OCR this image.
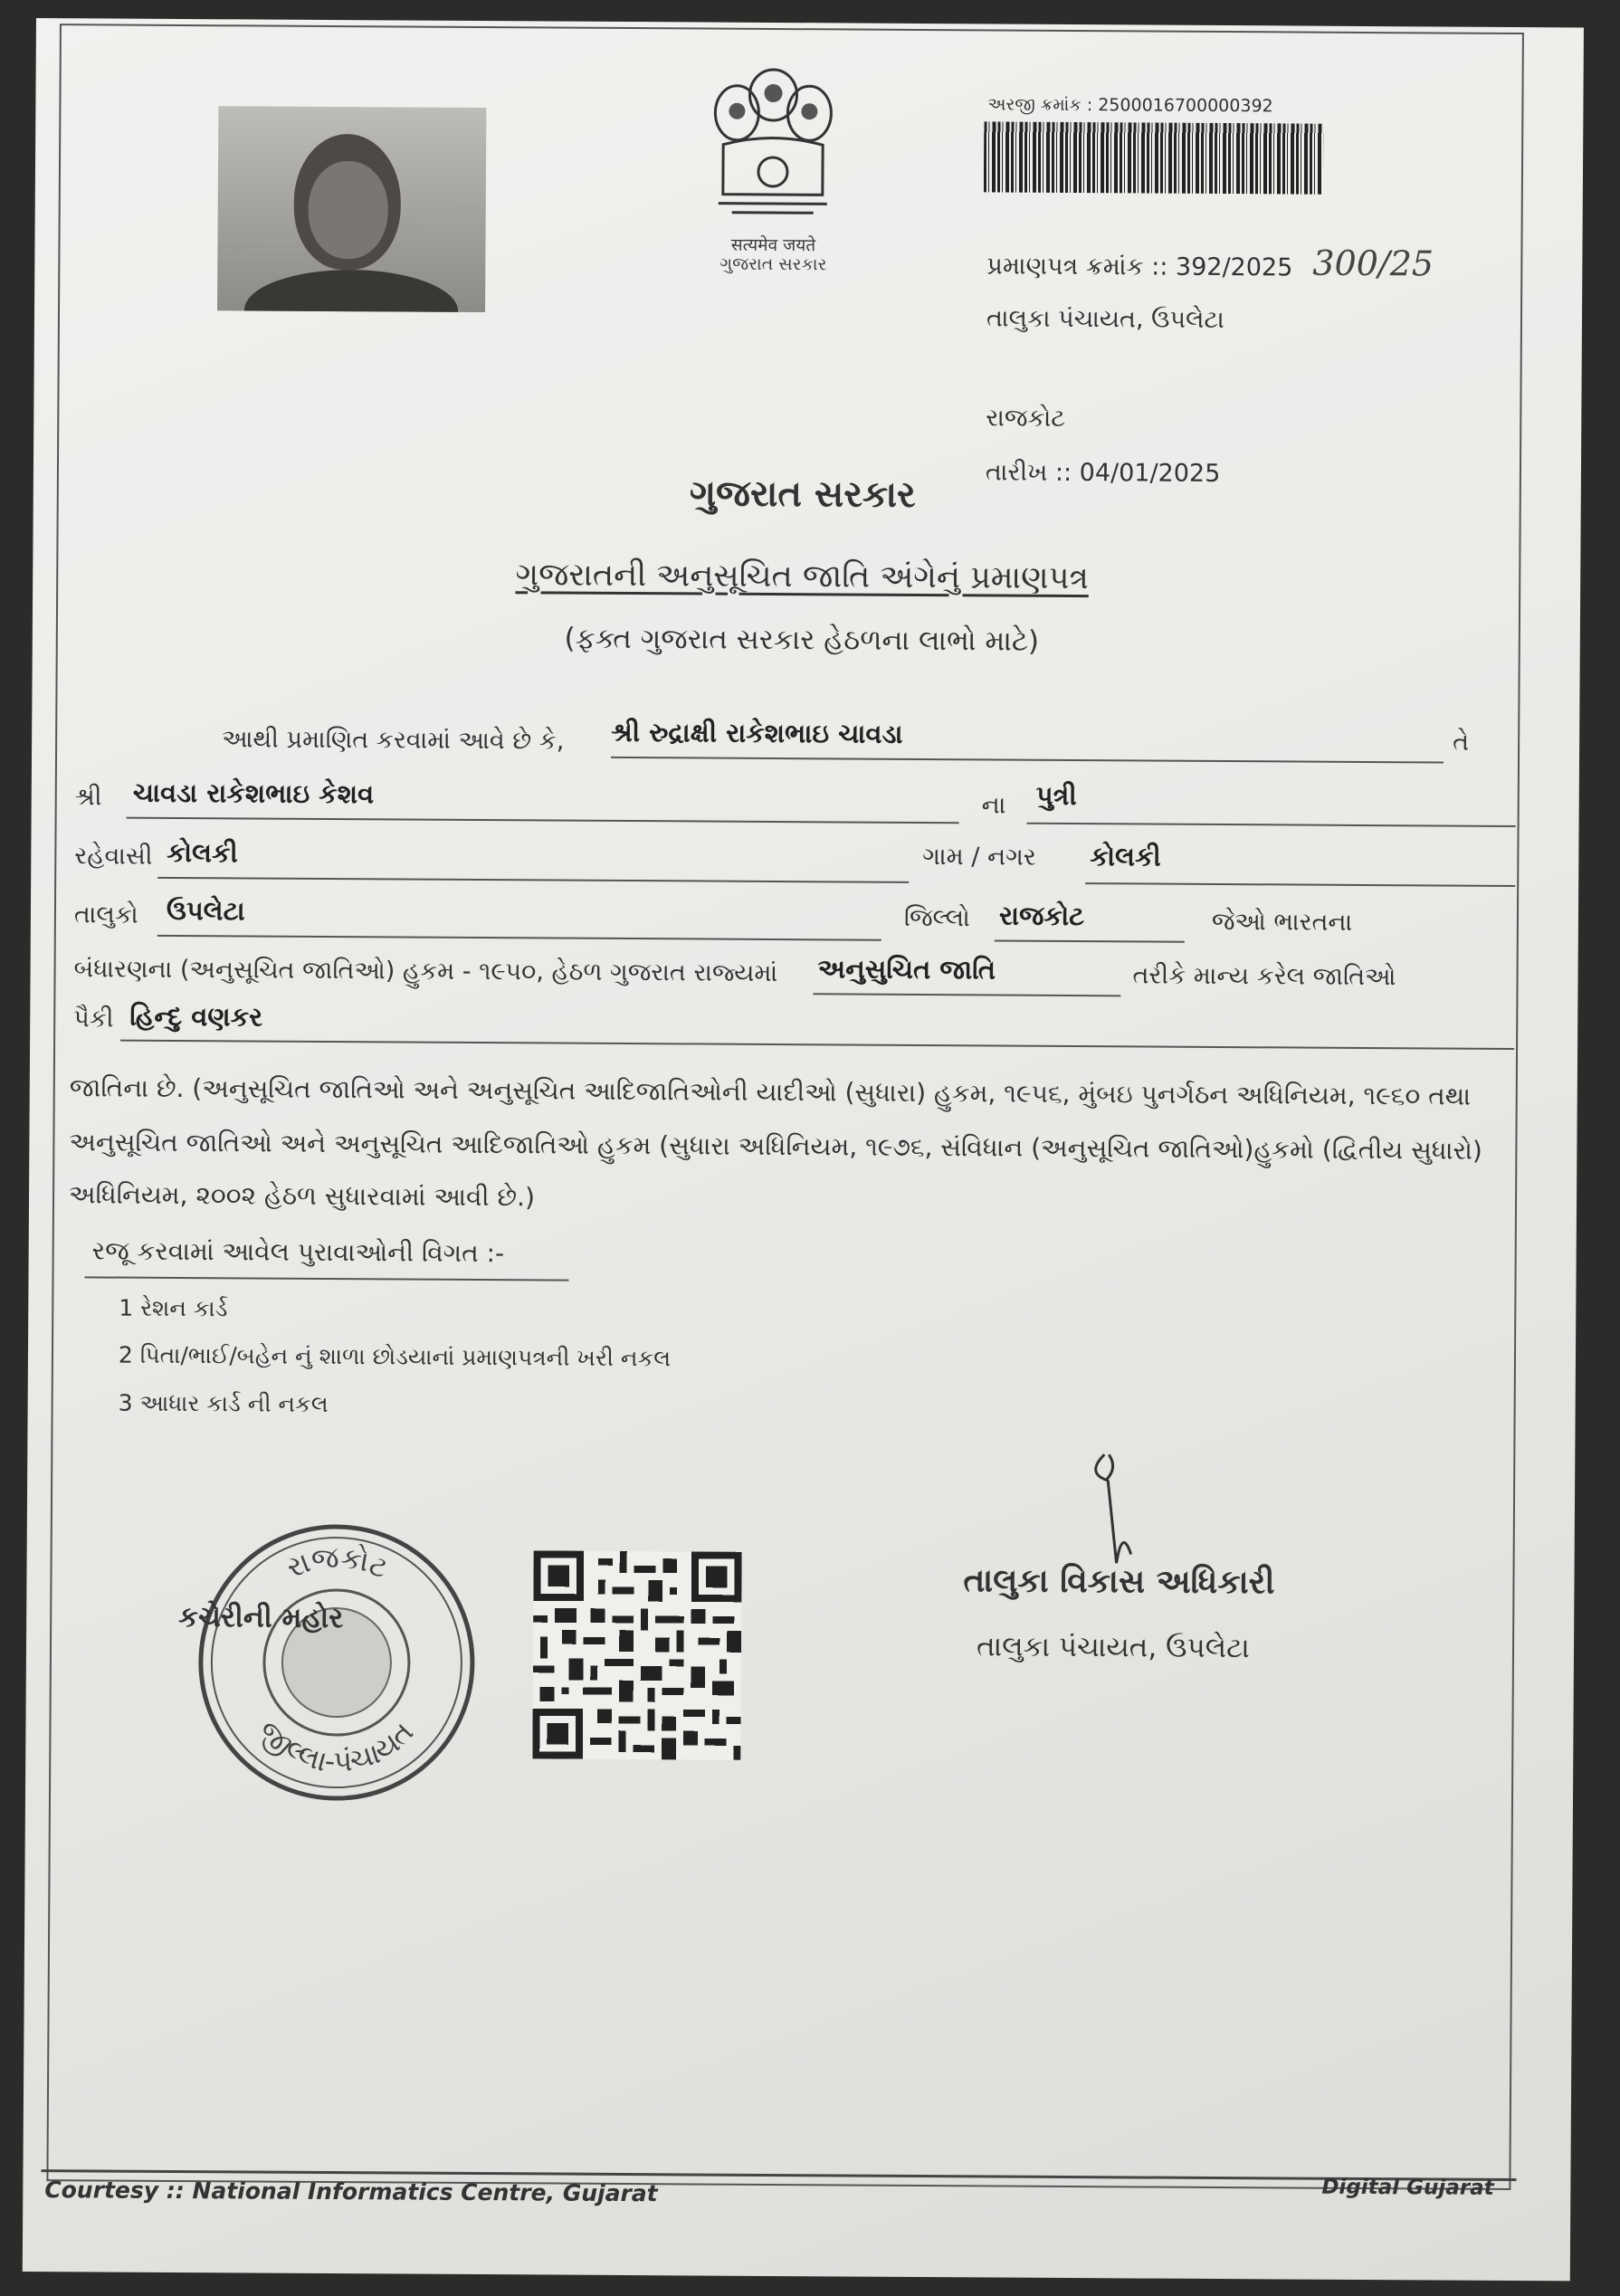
सत्यमेव जयते
ગુજરાત સરકાર
અરજી ક્રમાંક : 2500016700000392
પ્રમાણપત્ર ક્રમાંક :: 392/2025 300/25
તાલુકા પંચાયત, ઉપલેટા
રાજકોટ
તારીખ :: 04/01/2025
ગુજરાત સરકાર
ગુજરાતની અનુસૂચિત જાતિ અંગેનું પ્રમાણપત્ર
(ફક્ત ગુજરાત સરકાર હેઠળના લાભો માટે)
આથી પ્રમાણિત કરવામાં આવે છે કે, શ્રી રુદ્રાક્ષી રાકેશભાઇ ચાવડા	તે
શ્રી ચાવડા રાકેશભાઇ કેશવ	ના પુત્રી
રહેવાસી કોલકી	ગામ / નગર કોલકી
તાલુકો ઉપલેટા	જિલ્લો રાજકોટ	જેઓ ભારતના
બંધારણના (અનુસૂચિત જાતિઓ) હુકમ - ૧૯૫૦, હેઠળ ગુજરાત રાજ્યમાં અનુસુચિત જાતિ	તરીકે માન્ય કરેલ જાતિઓ
પૈકી હિન્દુ વણકર
જાતિના છે. (અનુસૂચિત જાતિઓ અને અનુસૂચિત આદિજાતિઓની યાદીઓ (સુધારા) હુકમ, ૧૯૫૬, મુંબઇ પુનર્ગઠન અધિનિયમ, ૧૯૬૦ તથા
અનુસૂચિત જાતિઓ અને અનુસૂચિત આદિજાતિઓ હુકમ (સુધારા અધિનિયમ, ૧૯૭૬, સંવિધાન (અનુસૂચિત જાતિઓ)હુકમો (દ્વિતીય સુધારો)
અધિનિયમ, ૨૦૦૨ હેઠળ સુધારવામાં આવી છે.)
રજૂ કરવામાં આવેલ પુરાવાઓની વિગત :-
1 રેશન કાર્ડ
2 પિતા/ભાઈ/બહેન નું શાળા છોડયાનાં પ્રમાણપત્રની ખરી નકલ
3 આધાર કાર્ડ ની નકલ
રાજકોટ
જીલ્લા-પંચાયત
કચેરીની મહોર
તાલુકા વિકાસ અધિકારી
તાલુકા પંચાયત, ઉપલેટા
Courtesy :: National Informatics Centre, Gujarat	Digital Gujarat
